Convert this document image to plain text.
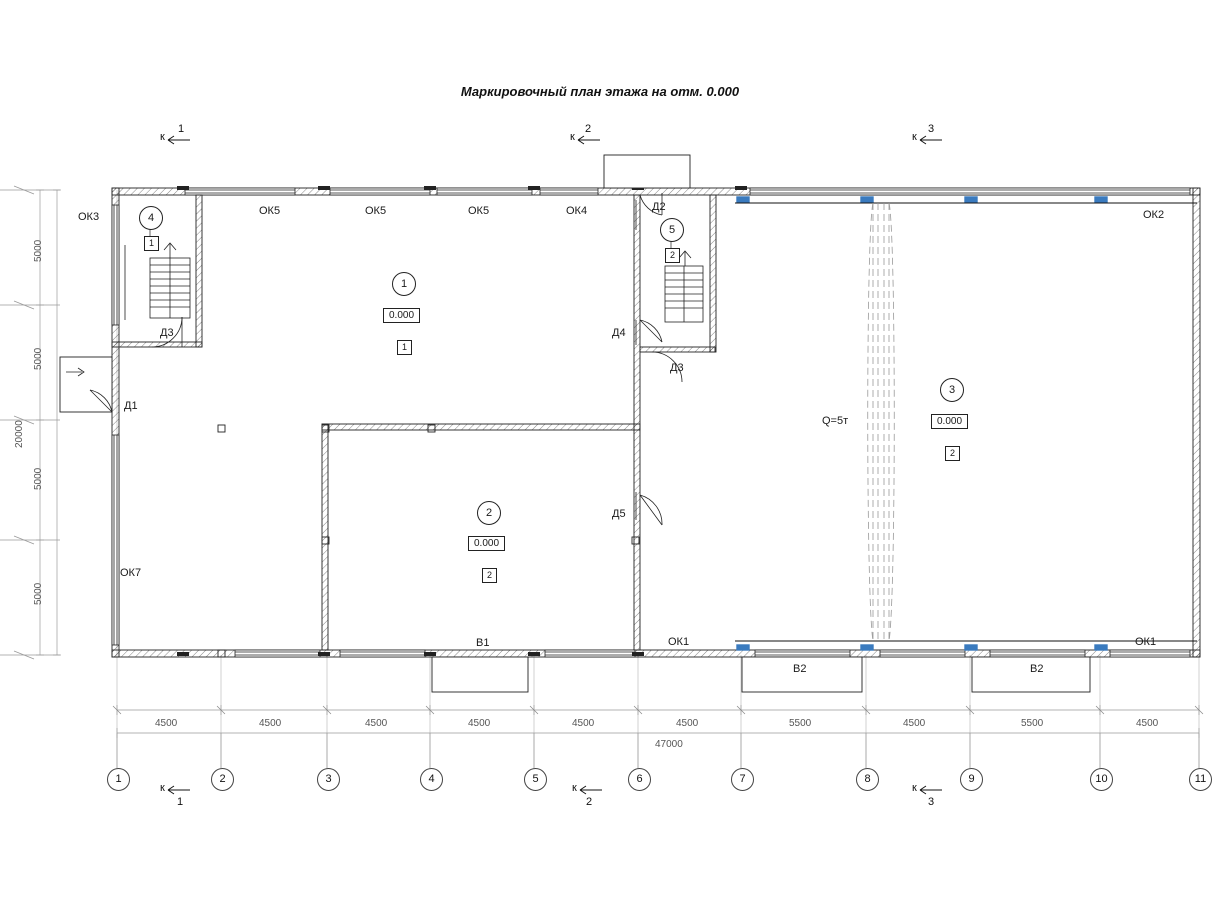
Маркировочный план этажа на отм. 0.000
к
1
к
2
к
3
к
1
к
2
к
3
ОК3	ОК5	ОК5	ОК5	ОК4	ОК2
ОК7
ОК1	ОК1
Д2
Д3	Д4
Д3
Д1
Д5
В1
В2	В2
1
0.000
1
2
0.000
2
3
0.000
2
4
1
5
2
Q=5т
4500	4500	4500	4500	4500	4500	5500	4500	5500	4500
47000
1	2	3	4	5	6	7	8	9	10	11
5000
5000
5000
5000
20000
